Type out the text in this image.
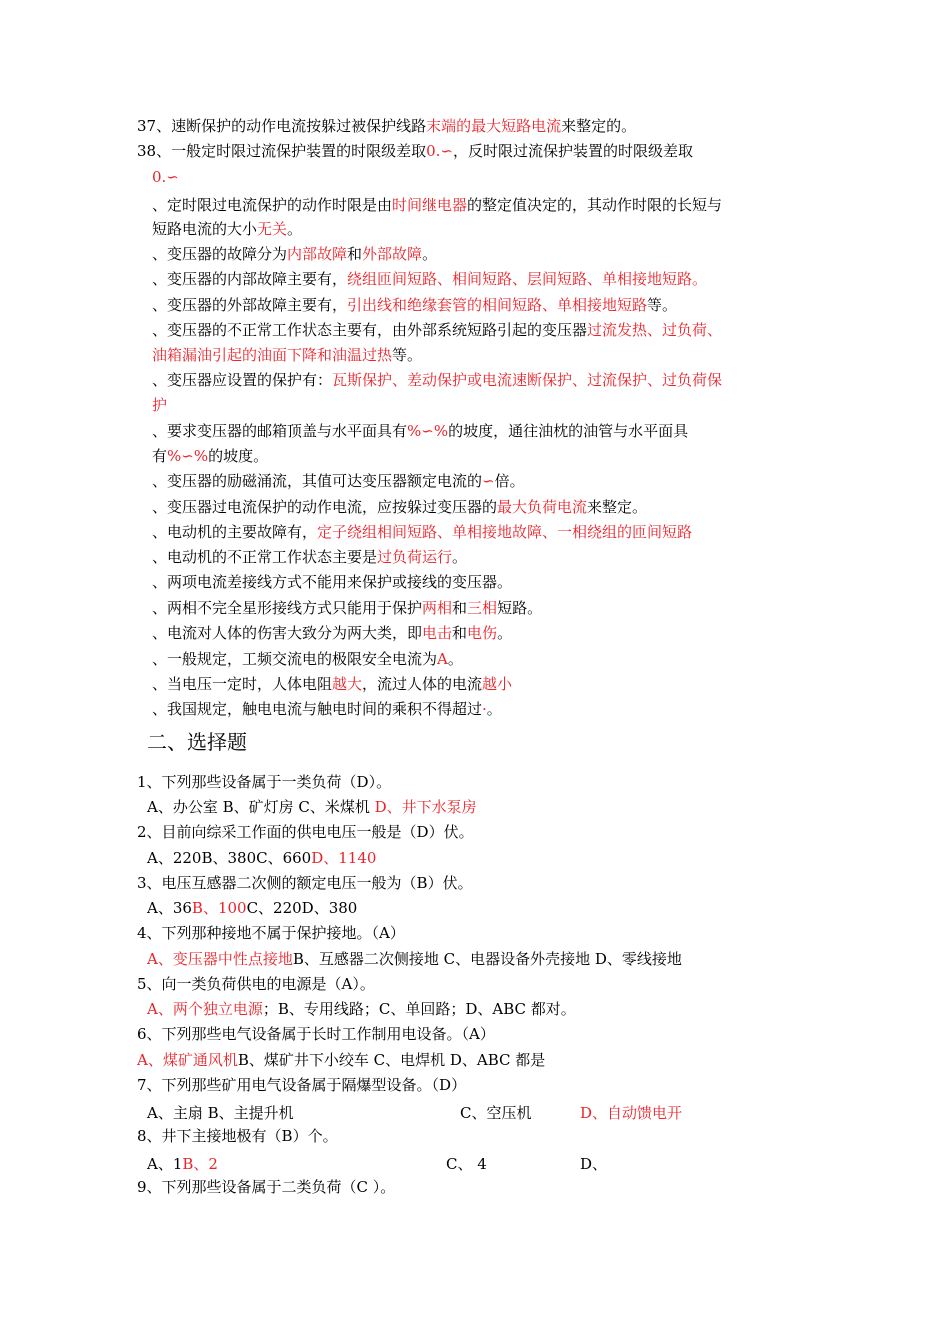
37、速断保护的动作电流按躲过被保护线路末端的最大短路电流来整定的。
38、一般定时限过流保护装置的时限级差取0.∽，反时限过流保护装置的时限级差取
0.∽
、定时限过电流保护的动作时限是由时间继电器的整定值决定的，其动作时限的长短与
短路电流的大小无关。
、变压器的故障分为内部故障和外部故障。
、变压器的内部故障主要有，绕组匝间短路、相间短路、层间短路、单相接地短路。
、变压器的外部故障主要有，引出线和绝缘套管的相间短路、单相接地短路等。
、变压器的不正常工作状态主要有，由外部系统短路引起的变压器过流发热、过负荷、
油箱漏油引起的油面下降和油温过热等。
、变压器应设置的保护有：瓦斯保护、差动保护或电流速断保护、过流保护、过负荷保
护
、要求变压器的邮箱顶盖与水平面具有%∽%的坡度，通往油枕的油管与水平面具
有%∽%的坡度。
、变压器的励磁涌流，其值可达变压器额定电流的∽倍。
、变压器过电流保护的动作电流，应按躲过变压器的最大负荷电流来整定。
、电动机的主要故障有，定子绕组相间短路、单相接地故障、一相绕组的匝间短路
、电动机的不正常工作状态主要是过负荷运行。
、两项电流差接线方式不能用来保护或接线的变压器。
、两相不完全星形接线方式只能用于保护两相和三相短路。
、电流对人体的伤害大致分为两大类，即电击和电伤。
、一般规定，工频交流电的极限安全电流为A。
、当电压一定时，人体电阻越大，流过人体的电流越小
、我国规定，触电电流与触电时间的乘积不得超过·。
二、选择题
1、下列那些设备属于一类负荷（D）。
A、办公室 B、矿灯房 C、米煤机 D、井下水泵房
2、目前向综采工作面的供电电压一般是（D）伏。
A、220B、380C、660D、1140
3、电压互感器二次侧的额定电压一般为（B）伏。
A、36B、100C、220D、380
4、下列那种接地不属于保护接地。（A）
A、变压器中性点接地B、互感器二次侧接地 C、电器设备外壳接地 D、零线接地
5、向一类负荷供电的电源是（A）。
A、两个独立电源；B、专用线路；C、单回路；D、ABC 都对。
6、下列那些电气设备属于长时工作制用电设备。（A）
A、煤矿通风机B、煤矿井下小绞车 C、电焊机 D、ABC 都是
7、下列那些矿用电气设备属于隔爆型设备。（D）
A、主扇 B、主提升机	C、空压机	D、自动馈电开
8、井下主接地极有（B）个。
A、1B、2	C、 4	D、
9、下列那些设备属于二类负荷（C ）。
